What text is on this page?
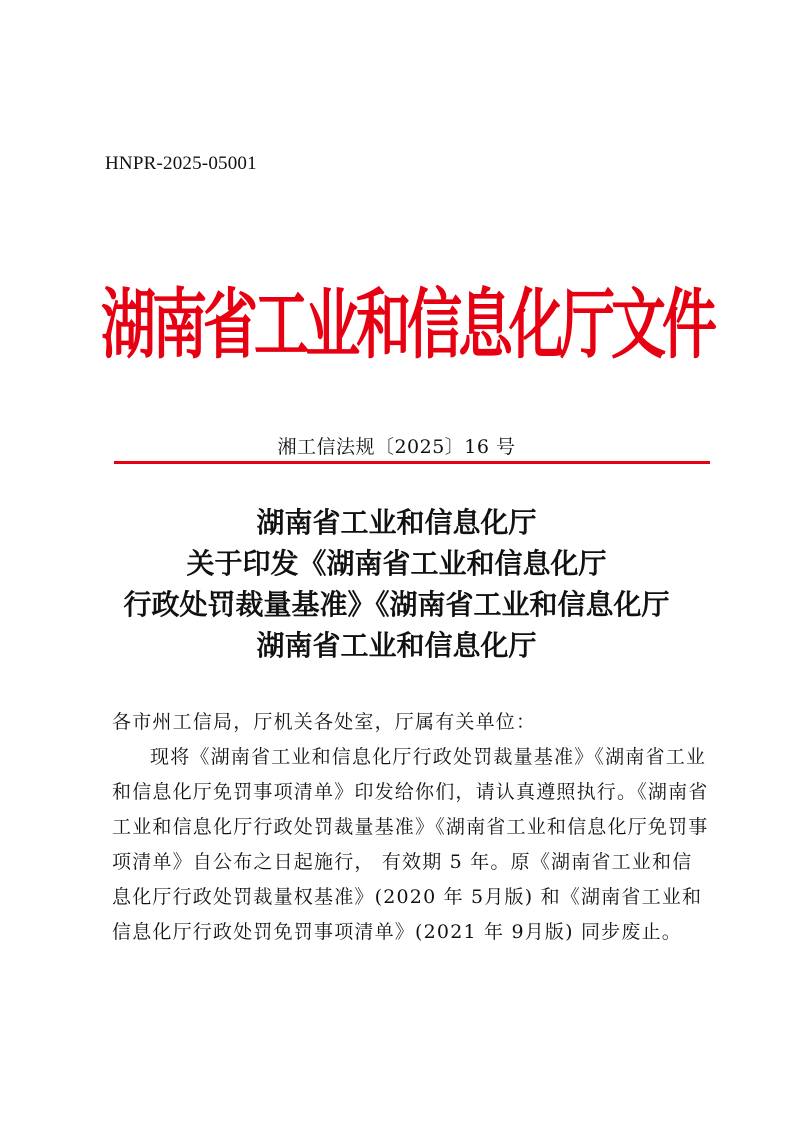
HNPR-2025-05001
湖南省工业和信息化厅文件
湘工信法规〔2025〕16 号
湖南省工业和信息化厅
关于印发《湖南省工业和信息化厅
行政处罚裁量基准》《湖南省工业和信息化厅
湖南省工业和信息化厅

各市州工信局，厅机关各处室，厅属有关单位：

现将《湖南省工业和信息化厅行政处罚裁量基准》《湖南省工业和信息化厅免罚事项清单》印发给你们，请认真遵照执行。《湖南省工业和信息化厅行政处罚裁量基准》《湖南省工业和信息化厅免罚事项清单》自公布之日起施行， 有效期 5 年。原《湖南省工业和信息化厅行政处罚裁量权基准》(2020 年 5月版) 和《湖南省工业和信息化厅行政处罚免罚事项清单》(2021 年 9月版) 同步废止。
